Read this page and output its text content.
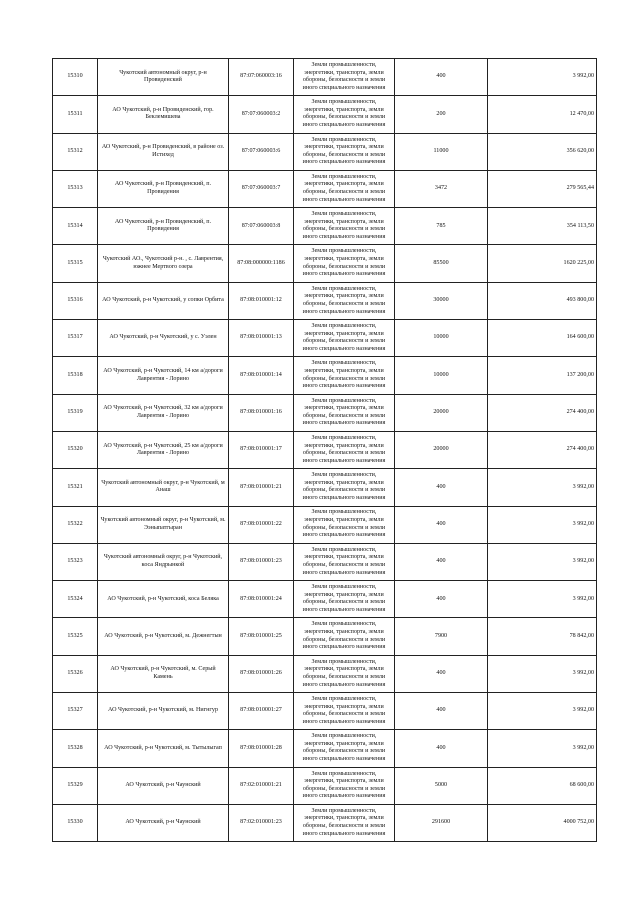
15310	Чукотский автономный округ, р-н Провиденский	87:07:060003:16	Земли промышленности, энергетики, транспорта, земли обороны, безопасности и земли иного специального назначения	400	3 992,00
15311	АО Чукотский, р-н Провиденский, гор. Беклемишева	87:07:060003:2	Земли промышленности, энергетики, транспорта, земли обороны, безопасности и земли иного специального назначения	200	12 470,00
15312	АО Чукотский, р-н Провиденский, в районе оз. Истихед	87:07:060003:6	Земли промышленности, энергетики, транспорта, земли обороны, безопасности и земли иного специального назначения	11000	356 620,00
15313	АО Чукотский, р-н Провиденский, п. Провидения	87:07:060003:7	Земли промышленности, энергетики, транспорта, земли обороны, безопасности и земли иного специального назначения	3472	279 565,44
15314	АО Чукотский, р-н Провиденский, п. Провидения	87:07:060003:8	Земли промышленности, энергетики, транспорта, земли обороны, безопасности и земли иного специального назначения	785	354 113,50
15315	Чукотский АО., Чукотский р-н. , с. Лаврентия, южнее Мертвого озера	87:08:000000:1186	Земли промышленности, энергетики, транспорта, земли обороны, безопасности и земли иного специального назначения	85500	1620 225,00
15316	АО Чукотский, р-н Чукотский, у сопки Орбита	87:08:010001:12	Земли промышленности, энергетики, транспорта, земли обороны, безопасности и земли иного специального назначения	30000	493 800,00
15317	АО Чукотский, р-н Чукотский, у с. Уэлен	87:08:010001:13	Земли промышленности, энергетики, транспорта, земли обороны, безопасности и земли иного специального назначения	10000	164 600,00
15318	АО Чукотский, р-н Чукотский, 14 км а/дороги Лаврентия - Лорино	87:08:010001:14	Земли промышленности, энергетики, транспорта, земли обороны, безопасности и земли иного специального назначения	10000	137 200,00
15319	АО Чукотский, р-н Чукотский, 32 км а/дороги Лаврентия - Лорино	87:08:010001:16	Земли промышленности, энергетики, транспорта, земли обороны, безопасности и земли иного специального назначения	20000	274 400,00
15320	АО Чукотский, р-н Чукотский, 25 км а/дороги Лаврентия - Лорино	87:08:010001:17	Земли промышленности, энергетики, транспорта, земли обороны, безопасности и земли иного специального назначения	20000	274 400,00
15321	Чукотский автономный округ, р-н Чукотский, м Анаш	87:08:010001:21	Земли промышленности, энергетики, транспорта, земли обороны, безопасности и земли иного специального назначения	400	3 992,00
15322	Чукотский автономный округ, р-н Чукотский, м. Ээныпатгыран	87:08:010001:22	Земли промышленности, энергетики, транспорта, земли обороны, безопасности и земли иного специального назначения	400	3 992,00
15323	Чукотский автономный округ, р-н Чукотский, коса Яндрынкой	87:08:010001:23	Земли промышленности, энергетики, транспорта, земли обороны, безопасности и земли иного специального назначения	400	3 992,00
15324	АО Чукотский, р-н Чукотский, коса Беляка	87:08:010001:24	Земли промышленности, энергетики, транспорта, земли обороны, безопасности и земли иного специального назначения	400	3 992,00
15325	АО Чукотский, р-н Чукотский, м. Дежнегтын	87:08:010001:25	Земли промышленности, энергетики, транспорта, земли обороны, безопасности и земли иного специального назначения	7900	78 842,00
15326	АО Чукотский, р-н Чукотский, м. Серый Камень	87:08:010001:26	Земли промышленности, энергетики, транспорта, земли обороны, безопасности и земли иного специального назначения	400	3 992,00
15327	АО Чукотский, р-н Чукотский, м. Нигнгур	87:08:010001:27	Земли промышленности, энергетики, транспорта, земли обороны, безопасности и земли иного специального назначения	400	3 992,00
15328	АО Чукотский, р-н Чукотский, м. Тытылыгап	87:08:010001:28	Земли промышленности, энергетики, транспорта, земли обороны, безопасности и земли иного специального назначения	400	3 992,00
15329	АО Чукотский, р-н Чаунский	87:02:010001:21	Земли промышленности, энергетики, транспорта, земли обороны, безопасности и земли иного специального назначения	5000	68 600,00
15330	АО Чукотский, р-н Чаунский	87:02:010001:23	Земли промышленности, энергетики, транспорта, земли обороны, безопасности и земли иного специального назначения	291600	4000 752,00
